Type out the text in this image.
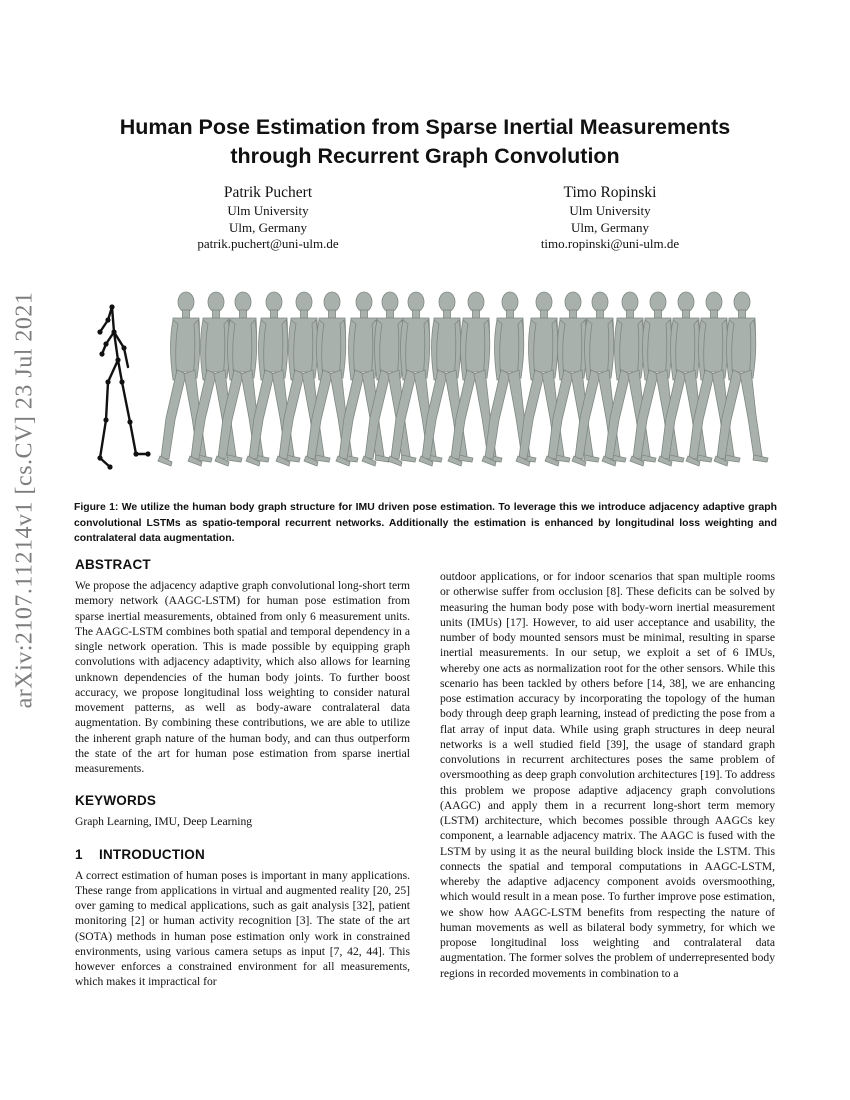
arXiv:2107.11214v1 [cs.CV] 23 Jul 2021
Human Pose Estimation from Sparse Inertial Measurements
through Recurrent Graph Convolution
Patrik Puchert
Ulm University
Ulm, Germany
patrik.puchert@uni-ulm.de
Timo Ropinski
Ulm University
Ulm, Germany
timo.ropinski@uni-ulm.de

Figure 1: We utilize the human body graph structure for IMU driven pose estimation. To leverage this we introduce adjacency adaptive graph convolutional LSTMs as spatio-temporal recurrent networks. Additionally the estimation is enhanced by longitudinal loss weighting and contralateral data augmentation.

ABSTRACT

We propose the adjacency adaptive graph convolutional long-short term memory network (AAGC-LSTM) for human pose estimation from sparse inertial measurements, obtained from only 6 measurement units. The AAGC-LSTM combines both spatial and temporal dependency in a single network operation. This is made possible by equipping graph convolutions with adjacency adaptivity, which also allows for learning unknown dependencies of the human body joints. To further boost accuracy, we propose longitudinal loss weighting to consider natural movement patterns, as well as body-aware contralateral data augmentation. By combining these contributions, we are able to utilize the inherent graph nature of the human body, and can thus outperform the state of the art for human pose estimation from sparse inertial measurements.

KEYWORDS

Graph Learning, IMU, Deep Learning

1 INTRODUCTION

A correct estimation of human poses is important in many applications. These range from applications in virtual and augmented reality [20, 25] over gaming to medical applications, such as gait analysis [32], patient monitoring [2] or human activity recognition [3]. The state of the art (SOTA) methods in human pose estimation only work in constrained environments, using various camera setups as input [7, 42, 44]. This however enforces a constrained environment for all measurements, which makes it impractical for

outdoor applications, or for indoor scenarios that span multiple rooms or otherwise suffer from occlusion [8]. These deficits can be solved by measuring the human body pose with body-worn inertial measurement units (IMUs) [17]. However, to aid user acceptance and usability, the number of body mounted sensors must be minimal, resulting in sparse inertial measurements. In our setup, we exploit a set of 6 IMUs, whereby one acts as normalization root for the other sensors. While this scenario has been tackled by others before [14, 38], we are enhancing pose estimation accuracy by incorporating the topology of the human body through deep graph learning, instead of predicting the pose from a flat array of input data. While using graph structures in deep neural networks is a well studied field [39], the usage of standard graph convolutions in recurrent architectures poses the same problem of oversmoothing as deep graph convolution architectures [19]. To address this problem we propose adaptive adjacency graph convolutions (AAGC) and apply them in a recurrent long-short term memory (LSTM) architecture, which becomes possible through AAGCs key component, a learnable adjacency matrix. The AAGC is fused with the LSTM by using it as the neural building block inside the LSTM. This connects the spatial and temporal computations in AAGC-LSTM, whereby the adaptive adjacency component avoids oversmoothing, which would result in a mean pose. To further improve pose estimation, we show how AAGC-LSTM benefits from respecting the nature of human movements as well as bilateral body symmetry, for which we propose longitudinal loss weighting and contralateral data augmentation. The former solves the problem of underrepresented body regions in recorded movements in combination to a
